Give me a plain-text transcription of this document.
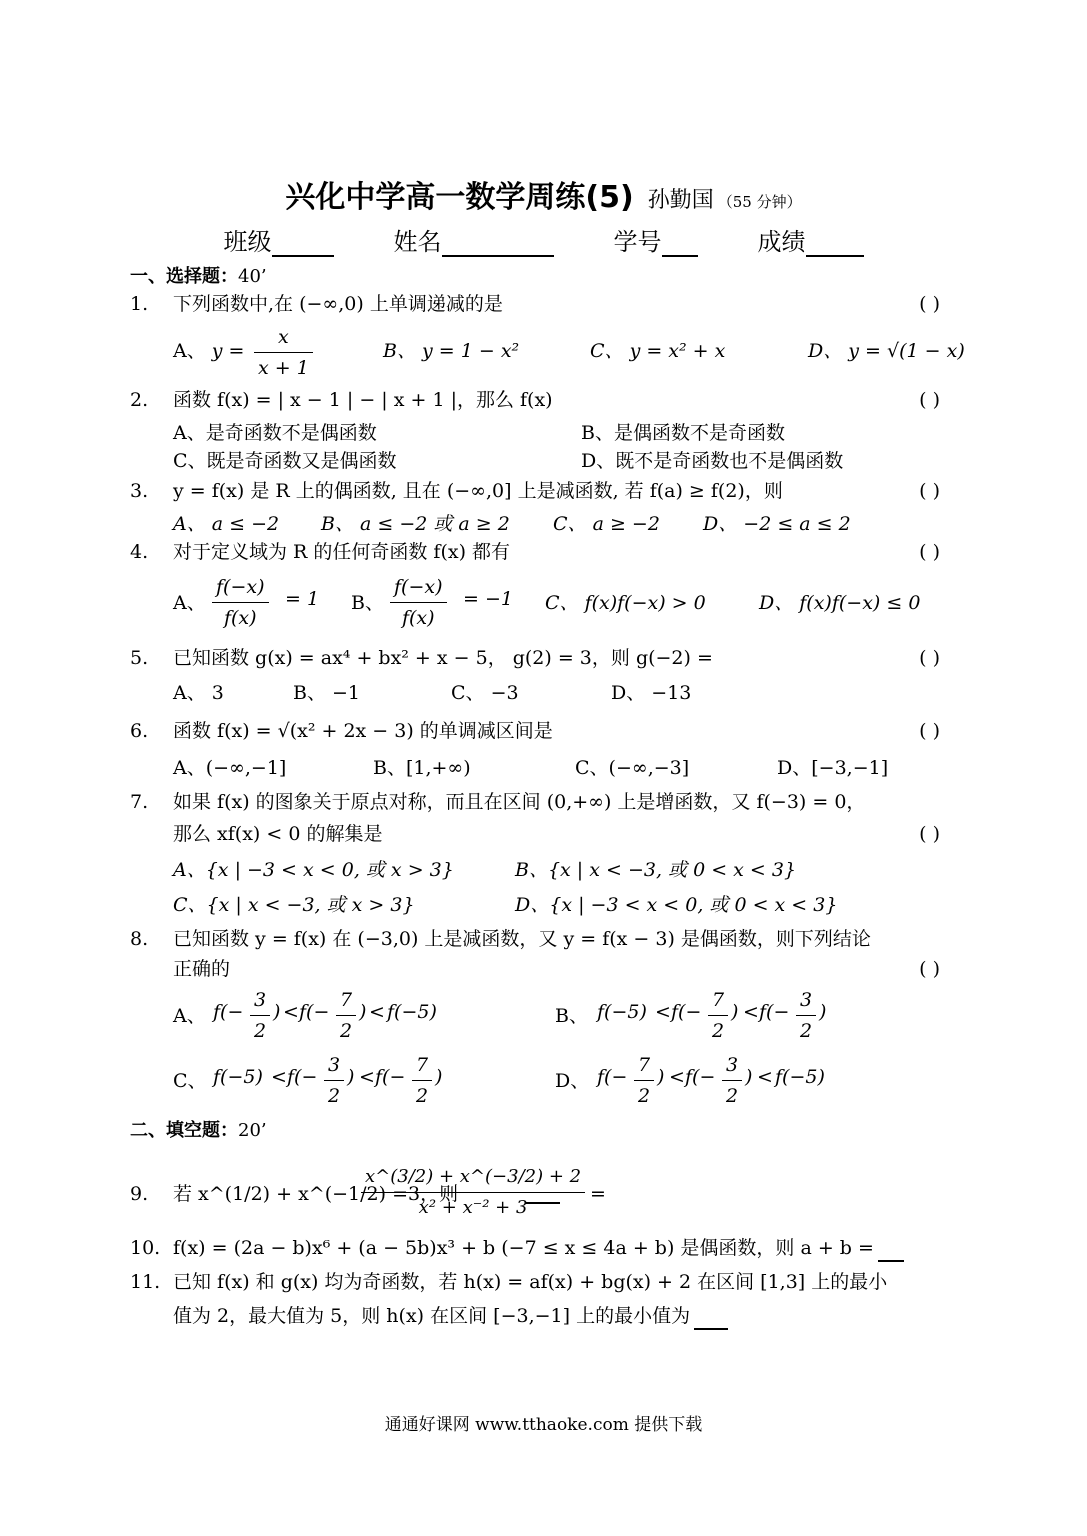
兴化中学高一数学周练(5) 孙勤国 （55 分钟）
班级	姓名	学号	成绩
一、选择题：40’
1.	下列函数中,在 (−∞,0) 上单调递减的是	( )
A、 $y = \frac{x}{x + 1}$	B、 y = 1 − x²	C、 y = x² + x	D、 y = √(1 − x)
2.	函数 f(x) = | x − 1 | − | x + 1 |，那么 f(x)	( )
A、是奇函数不是偶函数	B、是偶函数不是奇函数
C、既是奇函数又是偶函数	D、既不是奇函数也不是偶函数
3.	y = f(x) 是 R 上的偶函数, 且在 (−∞,0] 上是减函数, 若 f(a) ≥ f(2)，则	( )
A、 a ≤ −2 B、 a ≤ −2 或 a ≥ 2 C、 a ≥ −2 D、 −2 ≤ a ≤ 2
4.	对于定义域为 R 的任何奇函数 f(x) 都有	( )
A、 $\frac{f(-x)}{f(x)} = 1$ B、 $\frac{f(-x)}{f(x)} = -1$ C、 f(x)f(−x) > 0	D、 f(x)f(−x) ≤ 0
5.	已知函数 g(x) = ax⁴ + bx² + x − 5， g(2) = 3，则 g(−2) =	( )
A、 3	B、 −1	C、 −3	D、 −13
6.	函数 f(x) = √(x² + 2x − 3) 的单调减区间是	( )
A、(−∞,−1]	B、[1,+∞)	C、(−∞,−3]	D、[−3,−1]
7.	如果 f(x) 的图象关于原点对称，而且在区间 (0,+∞) 上是增函数，又 f(−3) = 0，
那么 xf(x) < 0 的解集是	( )
A、{x | −3 < x < 0, 或 x > 3}	B、{x | x < −3, 或 0 < x < 3}
C、{x | x < −3, 或 x > 3}	D、{x | −3 < x < 0, 或 0 < x < 3}
8.	已知函数 y = f(x) 在 (−3,0) 上是减函数，又 y = f(x − 3) 是偶函数，则下列结论
正确的	( )
A、 $f(- \frac{3}{2}$ ) < $f(- \frac{7}{2}$ ) < f(−5)	B、 $f(-5) < f(- \frac{7}{2}$ ) < $f(- \frac{3}{2}$ )
C、 $f(-5) < f(- \frac{3}{2}$ ) < $f(- \frac{7}{2}$ )	D、 $f(- \frac{7}{2}$ ) < $f(- \frac{3}{2}$ ) < f(−5)
二、填空题：20’
9.	若 x^(1/2) + x^(−1/2) =3，则
$\frac{x\^{}(3/2) + x\^{}(-3/2) + 2}{\text{x² + x⁻² + 3}}$ =
10. f(x) = (2a − b)x⁶ + (a − 5b)x³ + b (−7 ≤ x ≤ 4a + b) 是偶函数，则 a + b =
11. 已知 f(x) 和 g(x) 均为奇函数，若 h(x) = af(x) + bg(x) + 2 在区间 [1,3] 上的最小
值为 2，最大值为 5，则 h(x) 在区间 [−3,−1] 上的最小值为
通通好课网 www.tthaoke.com 提供下载
